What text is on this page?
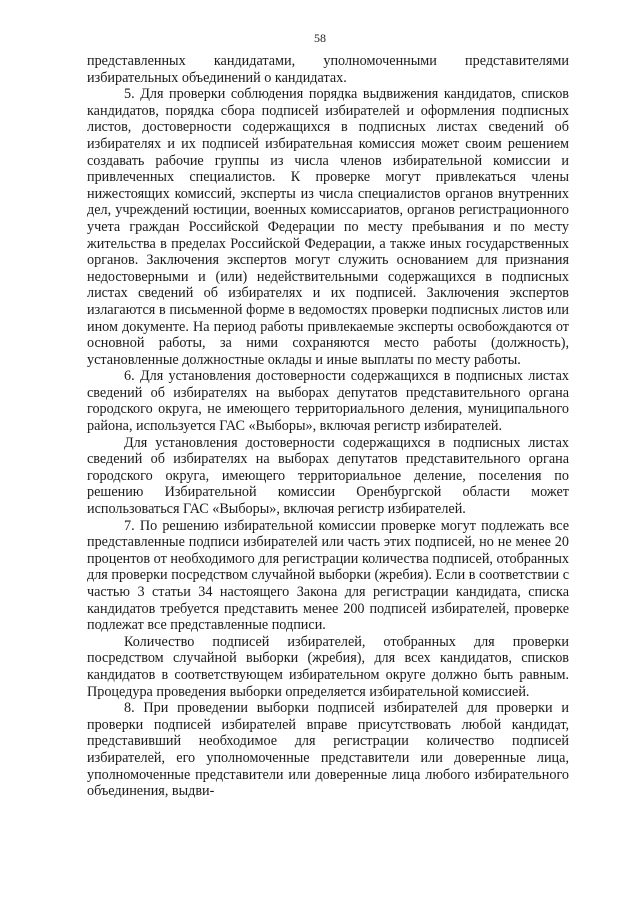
58

представленных кандидатами, уполномоченными представителями избирательных объединений о кандидатах.

5. Для проверки соблюдения порядка выдвижения кандидатов, списков кандидатов, порядка сбора подписей избирателей и оформления подписных листов, достоверности содержащихся в подписных листах сведений об избирателях и их подписей избирательная комиссия может своим решением создавать рабочие группы из числа членов избирательной комиссии и привлеченных специалистов. К проверке могут привлекаться члены нижестоящих комиссий, эксперты из числа специалистов органов внутренних дел, учреждений юстиции, военных комиссариатов, органов регистрационного учета граждан Российской Федерации по месту пребывания и по месту жительства в пределах Российской Федерации, а также иных государственных органов. Заключения экспертов могут служить основанием для признания недостоверными и (или) недействительными содержащихся в подписных листах сведений об избирателях и их подписей. Заключения экспертов излагаются в письменной форме в ведомостях проверки подписных листов или ином документе. На период работы привлекаемые эксперты освобождаются от основной работы, за ними сохраняются место работы (должность), установленные должностные оклады и иные выплаты по месту работы.

6. Для установления достоверности содержащихся в подписных листах сведений об избирателях на выборах депутатов представительного органа городского округа, не имеющего территориального деления, муниципального района, используется ГАС «Выборы», включая регистр избирателей.

Для установления достоверности содержащихся в подписных листах сведений об избирателях на выборах депутатов представительного органа городского округа, имеющего территориальное деление, поселения по решению Избирательной комиссии Оренбургской области может использоваться ГАС «Выборы», включая регистр избирателей.

7. По решению избирательной комиссии проверке могут подлежать все представленные подписи избирателей или часть этих подписей, но не менее 20 процентов от необходимого для регистрации количества подписей, отобранных для проверки посредством случайной выборки (жребия). Если в соответствии с частью 3 статьи 34 настоящего Закона для регистрации кандидата, списка кандидатов требуется представить менее 200 подписей избирателей, проверке подлежат все представленные подписи.

Количество подписей избирателей, отобранных для проверки посредством случайной выборки (жребия), для всех кандидатов, списков кандидатов в соответствующем избирательном округе должно быть равным. Процедура проведения выборки определяется избирательной комиссией.

8. При проведении выборки подписей избирателей для проверки и проверки подписей избирателей вправе присутствовать любой кандидат, представивший необходимое для регистрации количество подписей избирателей, его уполномоченные представители или доверенные лица, уполномоченные представители или доверенные лица любого избирательного объединения, выдви-
